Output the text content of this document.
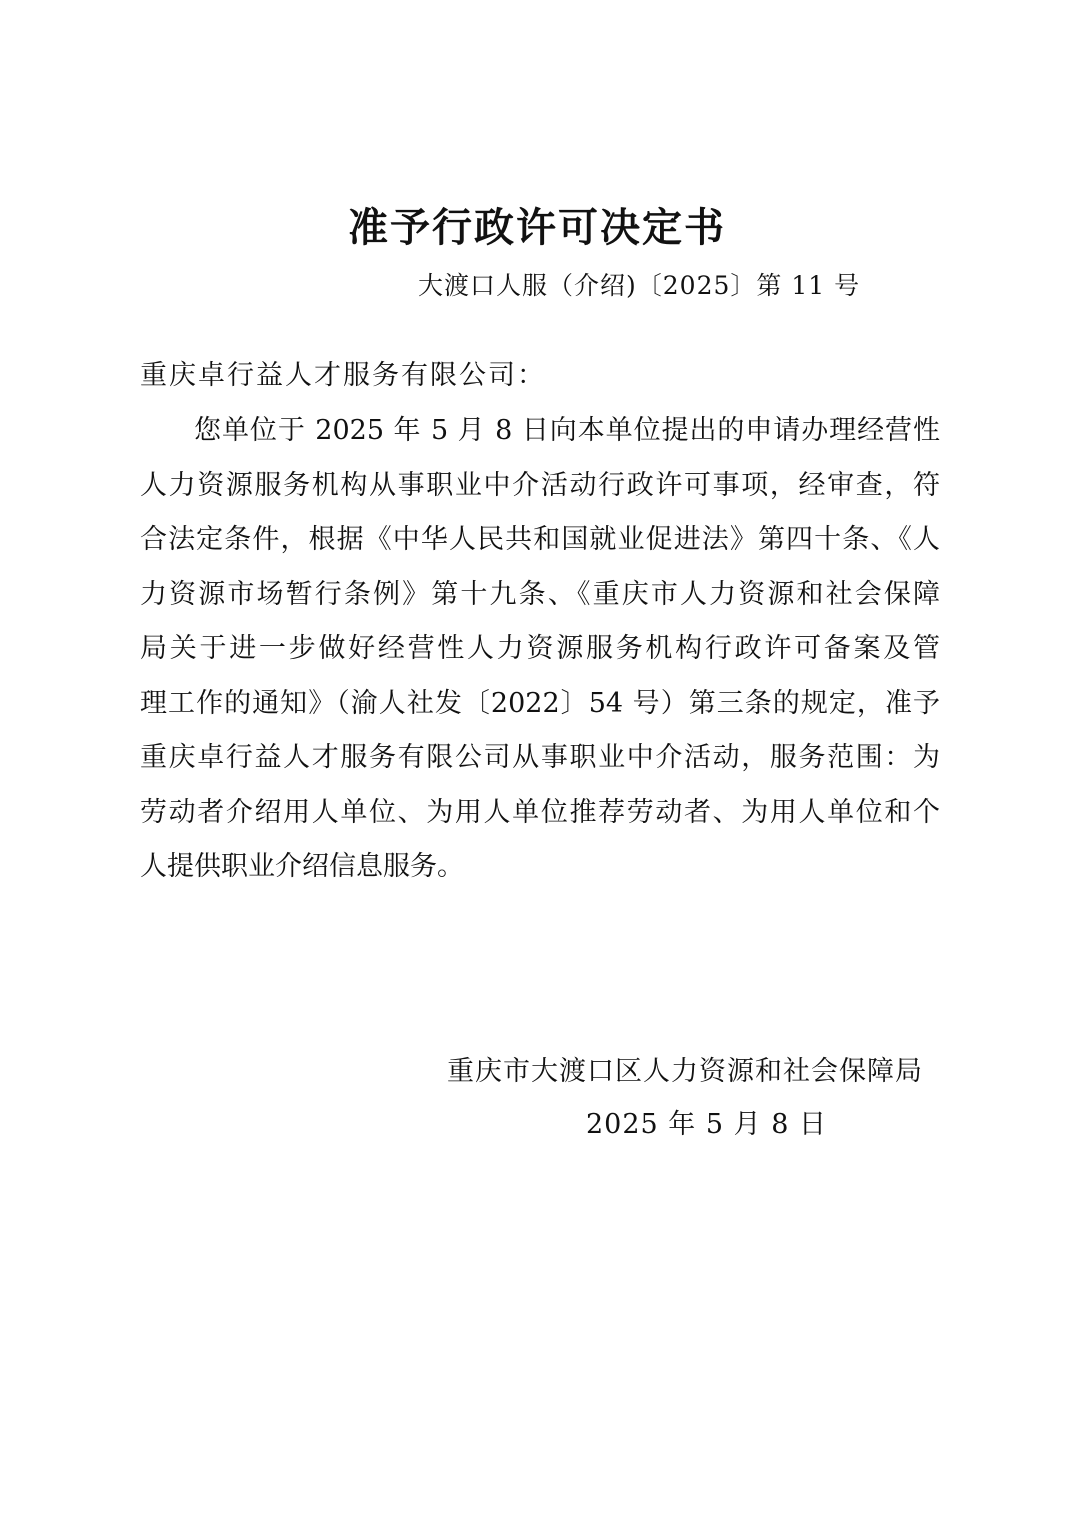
准予行政许可决定书
大渡口人服（介绍)〔2025〕第 11 号
重庆卓行益人才服务有限公司：
您单位于 2025 年 5 月 8 日向本单位提出的申请办理经营性
人力资源服务机构从事职业中介活动行政许可事项，经审查，符
合法定条件，根据《中华人民共和国就业促进法》第四十条、《人
力资源市场暂行条例》第十九条、《重庆市人力资源和社会保障
局关于进一步做好经营性人力资源服务机构行政许可备案及管
理工作的通知》（渝人社发〔2022〕54 号）第三条的规定，准予
重庆卓行益人才服务有限公司从事职业中介活动，服务范围：为
劳动者介绍用人单位、为用人单位推荐劳动者、为用人单位和个
人提供职业介绍信息服务。
重庆市大渡口区人力资源和社会保障局
2025 年 5 月 8 日
